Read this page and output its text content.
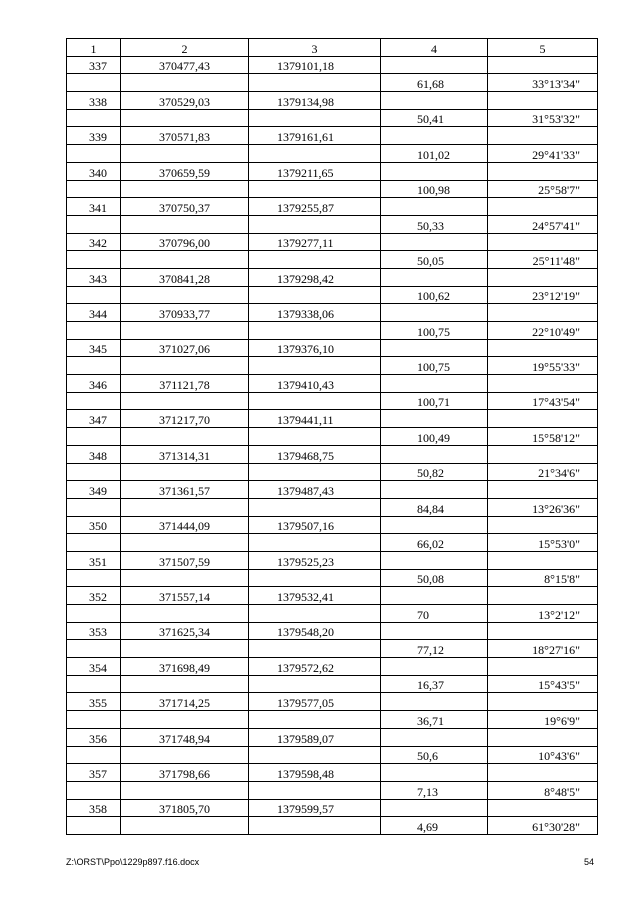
1	2	3	4	5
337	370477,43	1379101,18		
			61,68	33°13'34"
338	370529,03	1379134,98		
			50,41	31°53'32"
339	370571,83	1379161,61		
			101,02	29°41'33"
340	370659,59	1379211,65		
			100,98	25°58'7"
341	370750,37	1379255,87		
			50,33	24°57'41"
342	370796,00	1379277,11		
			50,05	25°11'48"
343	370841,28	1379298,42		
			100,62	23°12'19"
344	370933,77	1379338,06		
			100,75	22°10'49"
345	371027,06	1379376,10		
			100,75	19°55'33"
346	371121,78	1379410,43		
			100,71	17°43'54"
347	371217,70	1379441,11		
			100,49	15°58'12"
348	371314,31	1379468,75		
			50,82	21°34'6"
349	371361,57	1379487,43		
			84,84	13°26'36"
350	371444,09	1379507,16		
			66,02	15°53'0"
351	371507,59	1379525,23		
			50,08	8°15'8"
352	371557,14	1379532,41		
			70	13°2'12"
353	371625,34	1379548,20		
			77,12	18°27'16"
354	371698,49	1379572,62		
			16,37	15°43'5"
355	371714,25	1379577,05		
			36,71	19°6'9"
356	371748,94	1379589,07		
			50,6	10°43'6"
357	371798,66	1379598,48		
			7,13	8°48'5"
358	371805,70	1379599,57		
			4,69	61°30'28"
Z:\ORST\Ppo\1229p897.f16.docx	54
